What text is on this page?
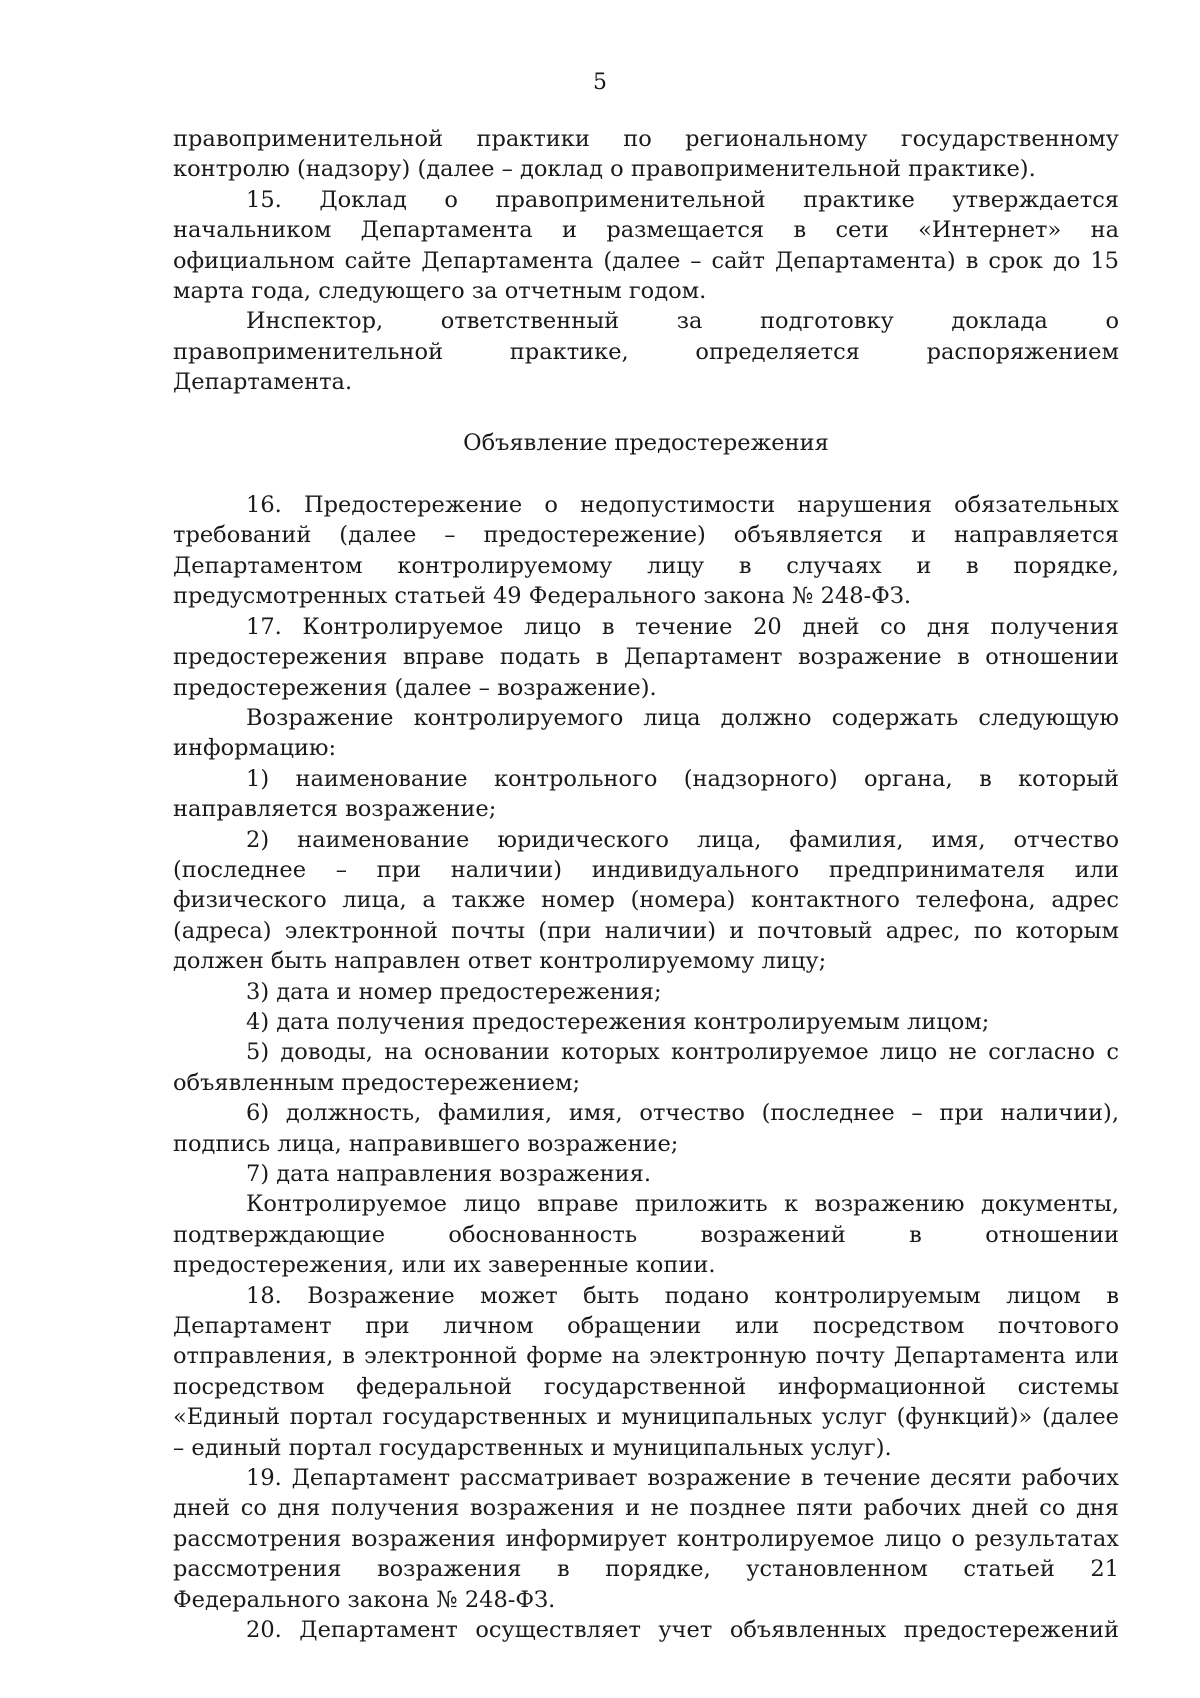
5

правоприменительной практики по региональному государственному контролю (надзору) (далее – доклад о правоприменительной практике).

15. Доклад о правоприменительной практике утверждается начальником Департамента и размещается в сети «Интернет» на официальном сайте Департамента (далее – сайт Департамента) в срок до 15 марта года, следующего за отчетным годом.

Инспектор, ответственный за подготовку доклада о правоприменительной практике, определяется распоряжением Департамента.

Объявление предостережения

16. Предостережение о недопустимости нарушения обязательных требований (далее – предостережение) объявляется и направляется Департаментом контролируемому лицу в случаях и в порядке, предусмотренных статьей 49 Федерального закона № 248-ФЗ.

17. Контролируемое лицо в течение 20 дней со дня получения предостережения вправе подать в Департамент возражение в отношении предостережения (далее – возражение).

Возражение контролируемого лица должно содержать следующую информацию:

1) наименование контрольного (надзорного) органа, в который направляется возражение;

2) наименование юридического лица, фамилия, имя, отчество (последнее – при наличии) индивидуального предпринимателя или физического лица, а также номер (номера) контактного телефона, адрес (адреса) электронной почты (при наличии) и почтовый адрес, по которым должен быть направлен ответ контролируемому лицу;

3) дата и номер предостережения;

4) дата получения предостережения контролируемым лицом;

5) доводы, на основании которых контролируемое лицо не согласно с объявленным предостережением;

6) должность, фамилия, имя, отчество (последнее – при наличии), подпись лица, направившего возражение;

7) дата направления возражения.

Контролируемое лицо вправе приложить к возражению документы, подтверждающие обоснованность возражений в отношении предостережения, или их заверенные копии.

18. Возражение может быть подано контролируемым лицом в Департамент при личном обращении или посредством почтового отправления, в электронной форме на электронную почту Департамента или посредством федеральной государственной информационной системы «Единый портал государственных и муниципальных услуг (функций)» (далее – единый портал государственных и муниципальных услуг).

19. Департамент рассматривает возражение в течение десяти рабочих дней со дня получения возражения и не позднее пяти рабочих дней со дня рассмотрения возражения информирует контролируемое лицо о результатах рассмотрения возражения в порядке, установленном статьей 21 Федерального закона № 248-ФЗ.

20. Департамент осуществляет учет объявленных предостережений
